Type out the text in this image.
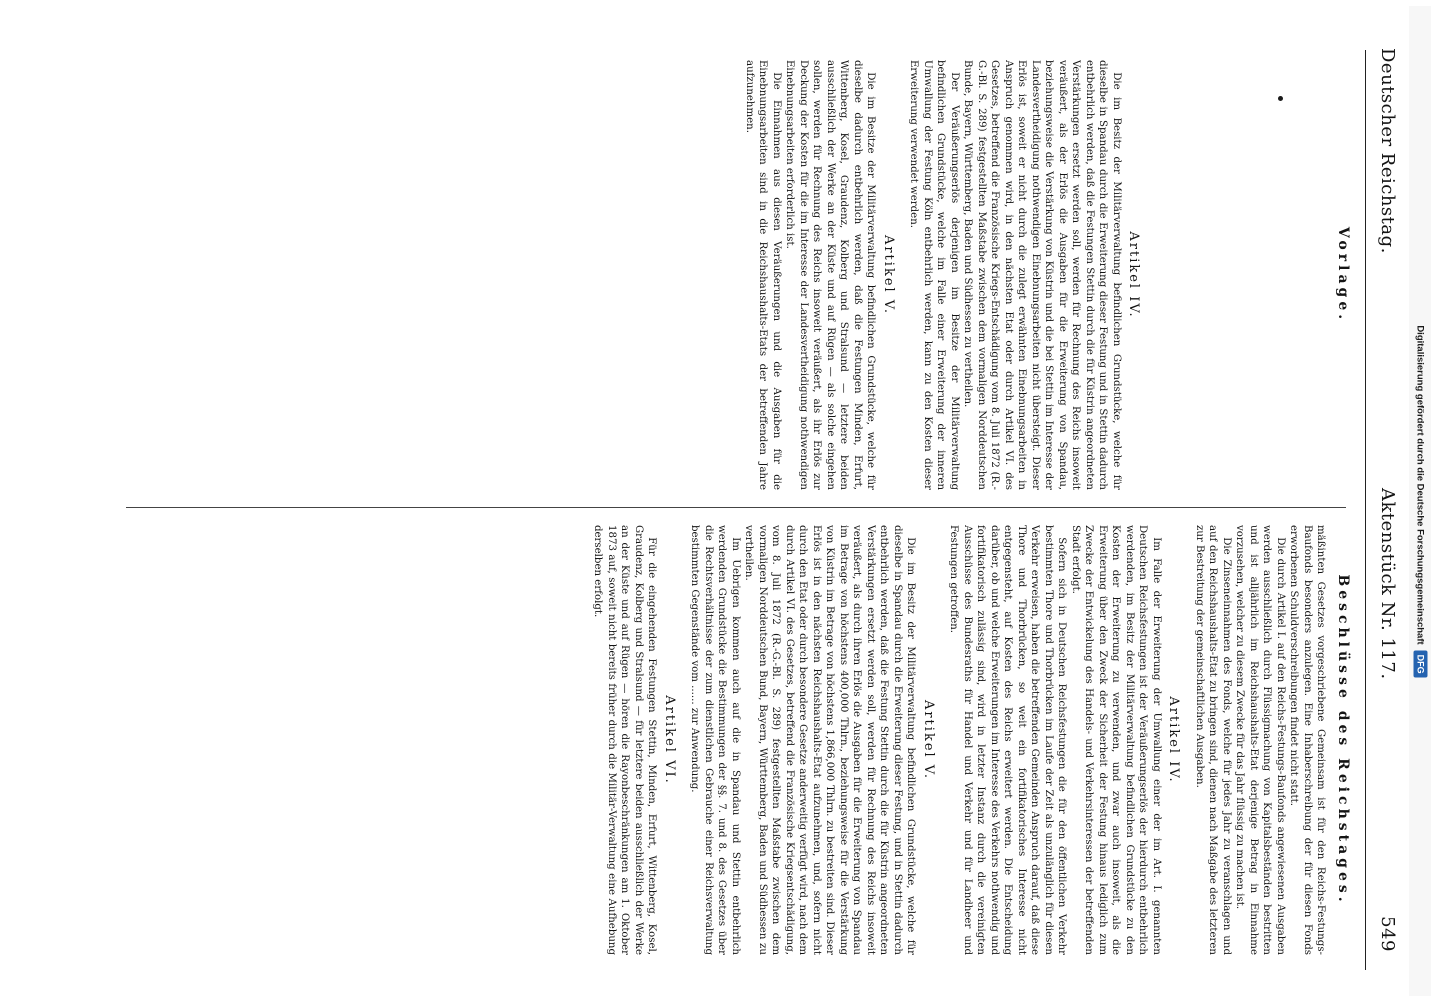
Deutscher Reichstag.
Aktenstück Nr. 117.
549
Vorlage.
Artikel IV.

Die im Besitz der Militärverwaltung befindlichen Grundstücke, welche für dieselbe in Spandau durch die Erweiterung dieser Festung und in Stettin dadurch entbehrlich werden, daß die Festungen Stettin durch die für Küstrin angeordneten Verstärkungen ersetzt werden soll, werden für Rechnung des Reichs insoweit veräußert, als der Erlös die Ausgaben für die Erweiterung von Spandau, beziehungsweise die Verstärkung von Küstrin und die bei Stettin im Interesse der Landesvertheidigung nothwendigen Einebnungsarbeiten nicht übersteigt. Dieser Erlös ist, soweit er nicht durch die zulegt erwähnten Einebnungsarbeiten in Anspruch genommen wird, in den nächsten Etat oder durch Artikel VI. des Gesetzes, betreffend die Französische Kriegs-Entschädigung vom 8. Juli 1872 (R.-G.-Bl. S. 289) festgestellten Maßstabe zwischen dem vormaligen Norddeutschen Bunde, Bayern, Württemberg, Baden und Südhessen zu vertheilen.

Der Veräußerungserlös derjenigen im Besitze der Militärverwaltung befindlichen Grundstücke, welche im Falle einer Erweiterung der inneren Umwallung der Festung Köln entbehrlich werden, kann zu den Kosten dieser Erweiterung verwendet werden.

Artikel V.

Die im Besitze der Militärverwaltung befindlichen Grundstücke, welche für dieselbe dadurch entbehrlich werden, daß die Festungen Minden, Erfurt, Wittenberg, Kosel, Graudenz, Kolberg und Stralsund — letztere beiden ausschließlich der Werke an der Küste und auf Rügen — als solche eingehen sollen, werden für Rechnung des Reichs insoweit veräußert, als ihr Erlös zur Deckung der Kosten für die im Interesse der Landesvertheidigung nothwendigen Einebnungsarbeiten erforderlich ist.

Die Einnahmen aus diesen Veräußerungen und die Ausgaben für die Einebnungsarbeiten sind in die Reichshaushalts-Etats der betreffenden Jahre aufzunehmen.

Beschlüsse des Reichstages.

mäßinten Gesetzes vorgeschriebene Gemeinsam ist für den Reichs-Festungs-Baufonds besonders anzulegen. Eine Inhaberschreibung der für diesen Fonds erworbenen Schuldverschreibungen findet nicht statt.

Die durch Artikel I. auf den Reichs-Festungs-Baufonds angewiesenen Ausgaben werden ausschließlich durch Flüssigmachung von Kapitalsbeständen bestritten und ist alljährlich im Reichshaushalts-Etat derjenige Betrag in Einnahme vorzusehen, welcher zu diesem Zwecke für das Jahr flüssig zu machen ist.

Die Zinseneinnahmen des Fonds, welche für jedes Jahr zu veranschlagen und auf den Reichshaushalts-Etat zu bringen sind, dienen nach Maßgabe des letzteren zur Bestreitung der gemeinschaftlichen Ausgaben.

Artikel IV.

Im Falle der Erweiterung der Umwallung einer der im Art. I. genannten Deutschen Reichsfestungen ist der Veräußerungserlös der hierdurch entbehrlich werdenden, im Besitz der Militärverwaltung befindlichen Grundstücke zu den Kosten der Erweiterung zu verwenden, und zwar auch insoweit, als die Erweiterung über den Zweck der Sicherheit der Festung hinaus lediglich zum Zwecke der Entwickelung des Handels- und Verkehrsinteressen der betreffenden Stadt erfolgt.

Sofern sich in Deutschen Reichsfestungen die für den öffentlichen Verkehr bestimmten Thore und Thorbrücken im Laufe der Zeit als unzulänglich für diesen Verkehr erweisen, haben die betreffenden Gemeinden Anspruch darauf, daß diese Thore und Thorbrücken, so weit ein fortifikatorisches Interesse nicht entgegensteht, auf Kosten des Reichs erweitert werden. Die Entscheidung darüber, ob und welche Erweiterungen im Interesse des Verkehrs nothwendig und fortifikatorisch zulässig sind, wird in letzter Instanz durch die vereinigten Ausschüsse des Bundesraths für Handel und Verkehr und für Landheer und Festungen getroffen.

Artikel V.

Die im Besitz der Militärverwaltung befindlichen Grundstücke, welche für dieselbe in Spandau durch die Erweiterung dieser Festung, und in Stettin dadurch entbehrlich werden, daß die Festung Stettin durch die für Küstrin angeordneten Verstärkungen ersetzt werden soll, werden für Rechnung des Reichs insoweit veräußert, als durch ihren Erlös die Ausgaben für die Erweiterung von Spandau im Betrage von höchstens 400,000 Thlrn., beziehungsweise für die Verstärkung von Küstrin im Betrage von höchstens 1,866,000 Thlrn. zu bestreiten sind. Dieser Erlös ist in den nächsten Reichshaushalts-Etat aufzunehmen, und, sofern nicht durch den Etat oder durch besondere Gesetze anderweitig verfügt wird, nach dem durch Artikel VI. des Gesetzes, betreffend die Französische Kriegsentschädigung, vom 8. Juli 1872 (R.-G.-Bl. S. 289) festgestellten Maßstabe zwischen dem vormaligen Norddeutschen Bund, Bayern, Württemberg, Baden und Südhessen zu vertheilen.

Im Uebrigen kommen auch auf die in Spandau und Stettin entbehrlich werdenden Grundstücke die Bestimmungen der §§. 7. und 8. des Gesetzes über die Rechtsverhältnisse der zum dienstlichen Gebrauche einer Reichsverwaltung bestimmten Gegenstände vom ...... zur Anwendung.

Artikel VI.

Für die eingehenden Festungen Stettin, Minden, Erfurt, Wittenberg, Kosel, Graudenz, Kolberg und Stralsund — für letztere beiden ausschließlich der Werke an der Küste und auf Rügen — hören die Rayonbeschränkungen am 1. Oktober 1873 auf, soweit nicht bereits früher durch die Militär-Verwaltung eine Aufhebung derselben erfolgt.	Digitalisierung gefördert durch die Deutsche ForschungsgemeinschaftDFG
